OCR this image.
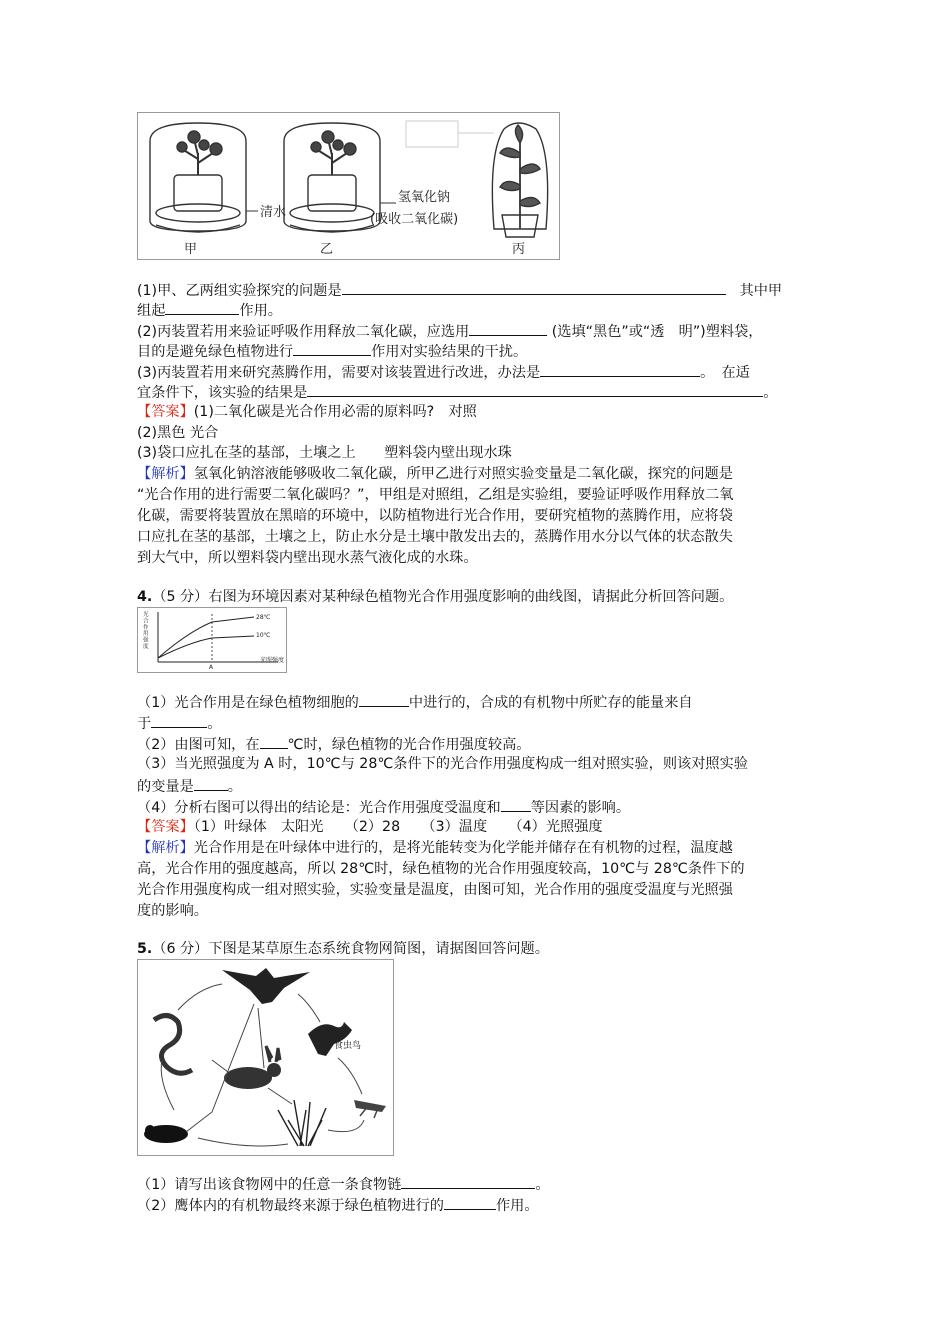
清水
氢氧化钠
(吸收二氧化碳)
甲	乙	丙
(1)甲、乙两组实验探究的问题是	其中甲
组起	作用。
(2)丙装置若用来验证呼吸作用释放二氧化碳，应选用	(选填“黑色”或“透　明”)塑料袋，
目的是避免绿色植物进行	作用对实验结果的干扰。
(3)丙装置若用来研究蒸腾作用，需要对该装置进行改进，办法是	。　在适
宜条件下，该实验的结果是	。
【答案】(1)二氧化碳是光合作用必需的原料吗?　对照
(2)黑色 光合
(3)袋口应扎在茎的基部，土壤之上　　塑料袋内壁出现水珠
【解析】氢氧化钠溶液能够吸收二氧化碳，所甲乙进行对照实验变量是二氧化碳，探究的问题是
“光合作用的进行需要二氧化碳吗？”，甲组是对照组，乙组是实验组，要验证呼吸作用释放二氧
化碳，需要将装置放在黑暗的环境中，以防植物进行光合作用，要研究植物的蒸腾作用，应将袋
口应扎在茎的基部，土壤之上，防止水分是土壤中散发出去的，蒸腾作用水分以气体的状态散失
到大气中，所以塑料袋内壁出现水蒸气液化成的水珠。
4.（5 分）右图为环境因素对某种绿色植物光合作用强度影响的曲线图，请据此分析回答问题。
28℃
10℃
A
光照强度
光合作用强度
（1）光合作用是在绿色植物细胞的	中进行的，合成的有机物中所贮存的能量来自
于	。
（2）由图可知，在 ℃时，绿色植物的光合作用强度较高。
（3）当光照强度为 A 时，10℃与 28℃条件下的光合作用强度构成一组对照实验，则该对照实验
的变量是 。
（4）分析右图可以得出的结论是：光合作用强度受温度和 等因素的影响。
【答案】（1）叶绿体　太阳光　　（2）28　　（3）温度　　（4）光照强度
【解析】光合作用是在叶绿体中进行的，是将光能转变为化学能并储存在有机物的过程，温度越
高，光合作用的强度越高，所以 28℃时，绿色植物的光合作用强度较高，10℃与 28℃条件下的
光合作用强度构成一组对照实验，实验变量是温度，由图可知，光合作用的强度受温度与光照强
度的影响。
5.（6 分）下图是某草原生态系统食物网简图，请据图回答问题。
食虫鸟
（1）请写出该食物网中的任意一条食物链	。
（2）鹰体内的有机物最终来源于绿色植物进行的	作用。
